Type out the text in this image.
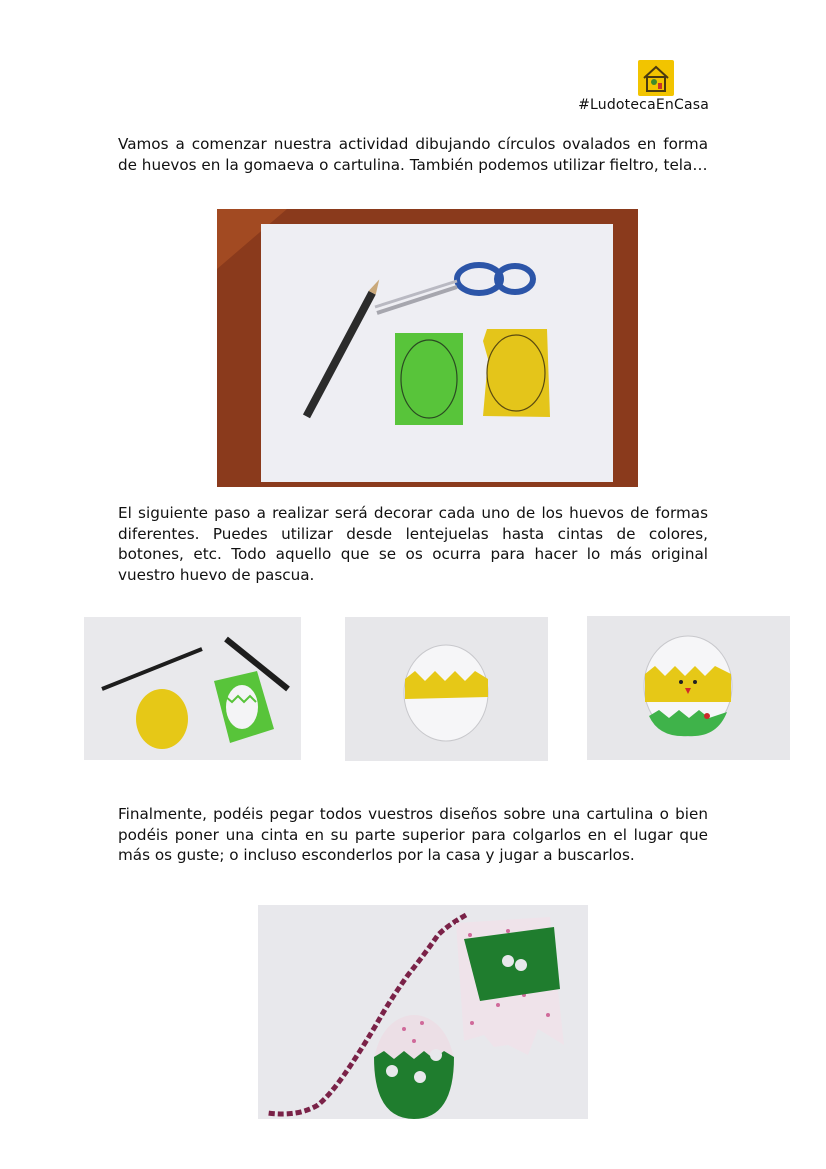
#LudotecaEnCasa

Vamos a comenzar nuestra actividad dibujando círculos ovalados en forma de huevos en la gomaeva o cartulina. También podemos utilizar fieltro, tela…

El siguiente paso a realizar será decorar cada uno de los huevos de formas diferentes. Puedes utilizar desde lentejuelas hasta cintas de colores, botones, etc. Todo aquello que se os ocurra para hacer lo más original vuestro huevo de pascua.

Finalmente, podéis pegar todos vuestros diseños sobre una cartulina o bien podéis poner una cinta en su parte superior para colgarlos en el lugar que más os guste; o incluso esconderlos por la casa y jugar a buscarlos.
